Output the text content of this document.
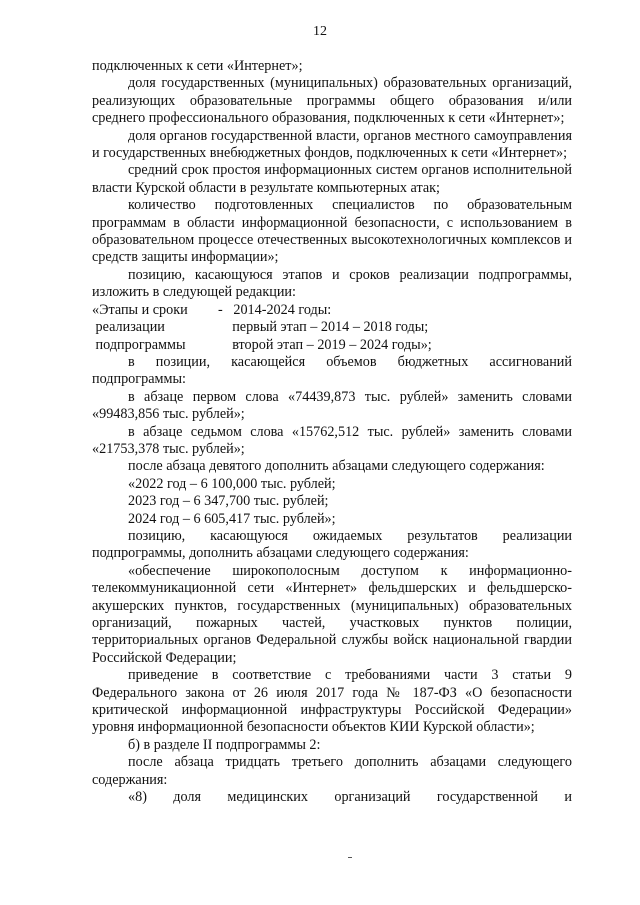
12

подключенных к сети «Интернет»;

доля государственных (муниципальных) образовательных организаций, реализующих образовательные программы общего образования и/или среднего профессионального образования, подключенных к сети «Интернет»;

доля органов государственной власти, органов местного самоуправления и государственных внебюджетных фондов, подключенных к сети «Интернет»;

средний срок простоя информационных систем органов исполнительной власти Курской области в результате компьютерных атак;

количество подготовленных специалистов по образовательным программам в области информационной безопасности, с использованием в образовательном процессе отечественных высокотехнологичных комплексов и средств защиты информации»;

позицию, касающуюся этапов и сроков реализации подпрограммы, изложить в следующей редакции:

«Этапы и сроки	-   2014-2024 годы:
реализации	первый этап – 2014 – 2018 годы;
подпрограммы	второй этап – 2019 – 2024 годы»;

в позиции, касающейся объемов бюджетных ассигнований подпрограммы:

в абзаце первом слова «74439,873 тыс. рублей» заменить словами «99483,856 тыс. рублей»;

в абзаце седьмом слова «15762,512 тыс. рублей» заменить словами «21753,378 тыс. рублей»;

после абзаца девятого дополнить абзацами следующего содержания:

«2022 год – 6 100,000 тыс. рублей;

2023 год – 6 347,700 тыс. рублей;

2024 год – 6 605,417 тыс. рублей»;

позицию, касающуюся ожидаемых результатов реализации подпрограммы, дополнить абзацами следующего содержания:

«обеспечение широкополосным доступом к информационно-телекоммуникационной сети «Интернет» фельдшерских и фельдшерско-акушерских пунктов, государственных (муниципальных) образовательных организаций, пожарных частей, участковых пунктов полиции, территориальных органов Федеральной службы войск национальной гвардии Российской Федерации;

приведение в соответствие с требованиями части 3 статьи 9 Федерального закона от 26 июля 2017 года № 187-ФЗ «О безопасности критической информационной инфраструктуры Российской Федерации» уровня информационной безопасности объектов КИИ Курской области»;

б) в разделе II подпрограммы 2:

после абзаца тридцать третьего дополнить абзацами следующего содержания:

«8) доля медицинских организаций государственной и
